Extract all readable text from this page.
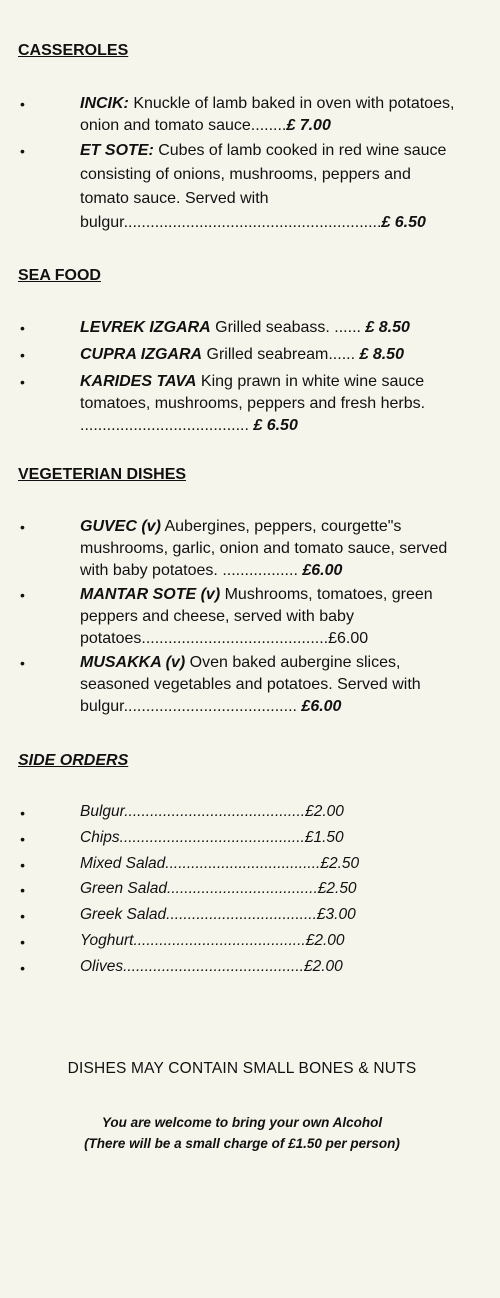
CASSEROLES
•	INCIK: Knuckle of lamb baked in oven with potatoes, onion and tomato sauce........£ 7.00
•	ET SOTE: Cubes of lamb cooked in red wine sauce consisting of onions, mushrooms, peppers and tomato sauce. Served with bulgur..........................................................£ 6.50
SEA FOOD
•	LEVREK IZGARA Grilled seabass. ...... £ 8.50
•	CUPRA IZGARA Grilled seabream...... £ 8.50
•	KARIDES TAVA King prawn in white wine sauce tomatoes, mushrooms, peppers and fresh herbs. ...................................... £ 6.50
VEGETERIAN DISHES
•	GUVEC (v) Aubergines, peppers, courgette"s mushrooms, garlic, onion and tomato sauce, served with baby potatoes. ................. £6.00
•	MANTAR SOTE (v) Mushrooms, tomatoes, green peppers and cheese, served with baby potatoes..........................................£6.00
•	MUSAKKA (v) Oven baked aubergine slices, seasoned vegetables and potatoes. Served with bulgur....................................... £6.00
SIDE ORDERS
•	Bulgur..........................................£2.00
•	Chips...........................................£1.50
•	Mixed Salad....................................£2.50
•	Green Salad...................................£2.50
•	Greek Salad...................................£3.00
•	Yoghurt........................................£2.00
•	Olives..........................................£2.00
DISHES MAY CONTAIN SMALL BONES & NUTS
You are welcome to bring your own Alcohol
(There will be a small charge of £1.50 per person)
